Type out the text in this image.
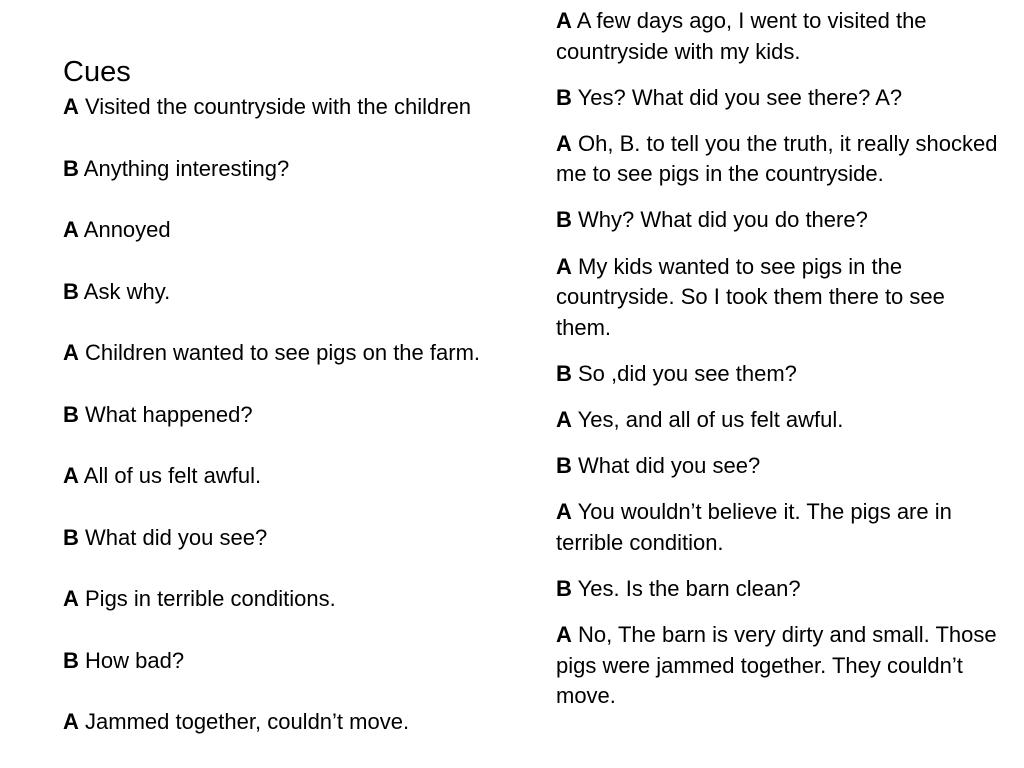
Cues
A Visited the countryside with the children
B Anything interesting?
A Annoyed
B Ask why.
A Children wanted to see pigs on the farm.
B What happened?
A All of us felt awful.
B What did you see?
A Pigs in terrible conditions.
B How bad?
A Jammed together, couldn’t move.
A A few days ago, I went to visited the countryside with my kids.
B Yes? What did you see there? A?
A Oh, B. to tell you the truth, it really shocked me to see pigs in the countryside.
B Why? What did you do there?
A My kids wanted to see pigs in the countryside. So I took them there to see them.
B So ,did you see them?
A Yes, and all of us felt awful.
B What did you see?
A You wouldn’t believe it. The pigs are in terrible condition.
B Yes. Is the barn clean?
A No, The barn is very dirty and small. Those pigs were jammed together. They couldn’t move.
